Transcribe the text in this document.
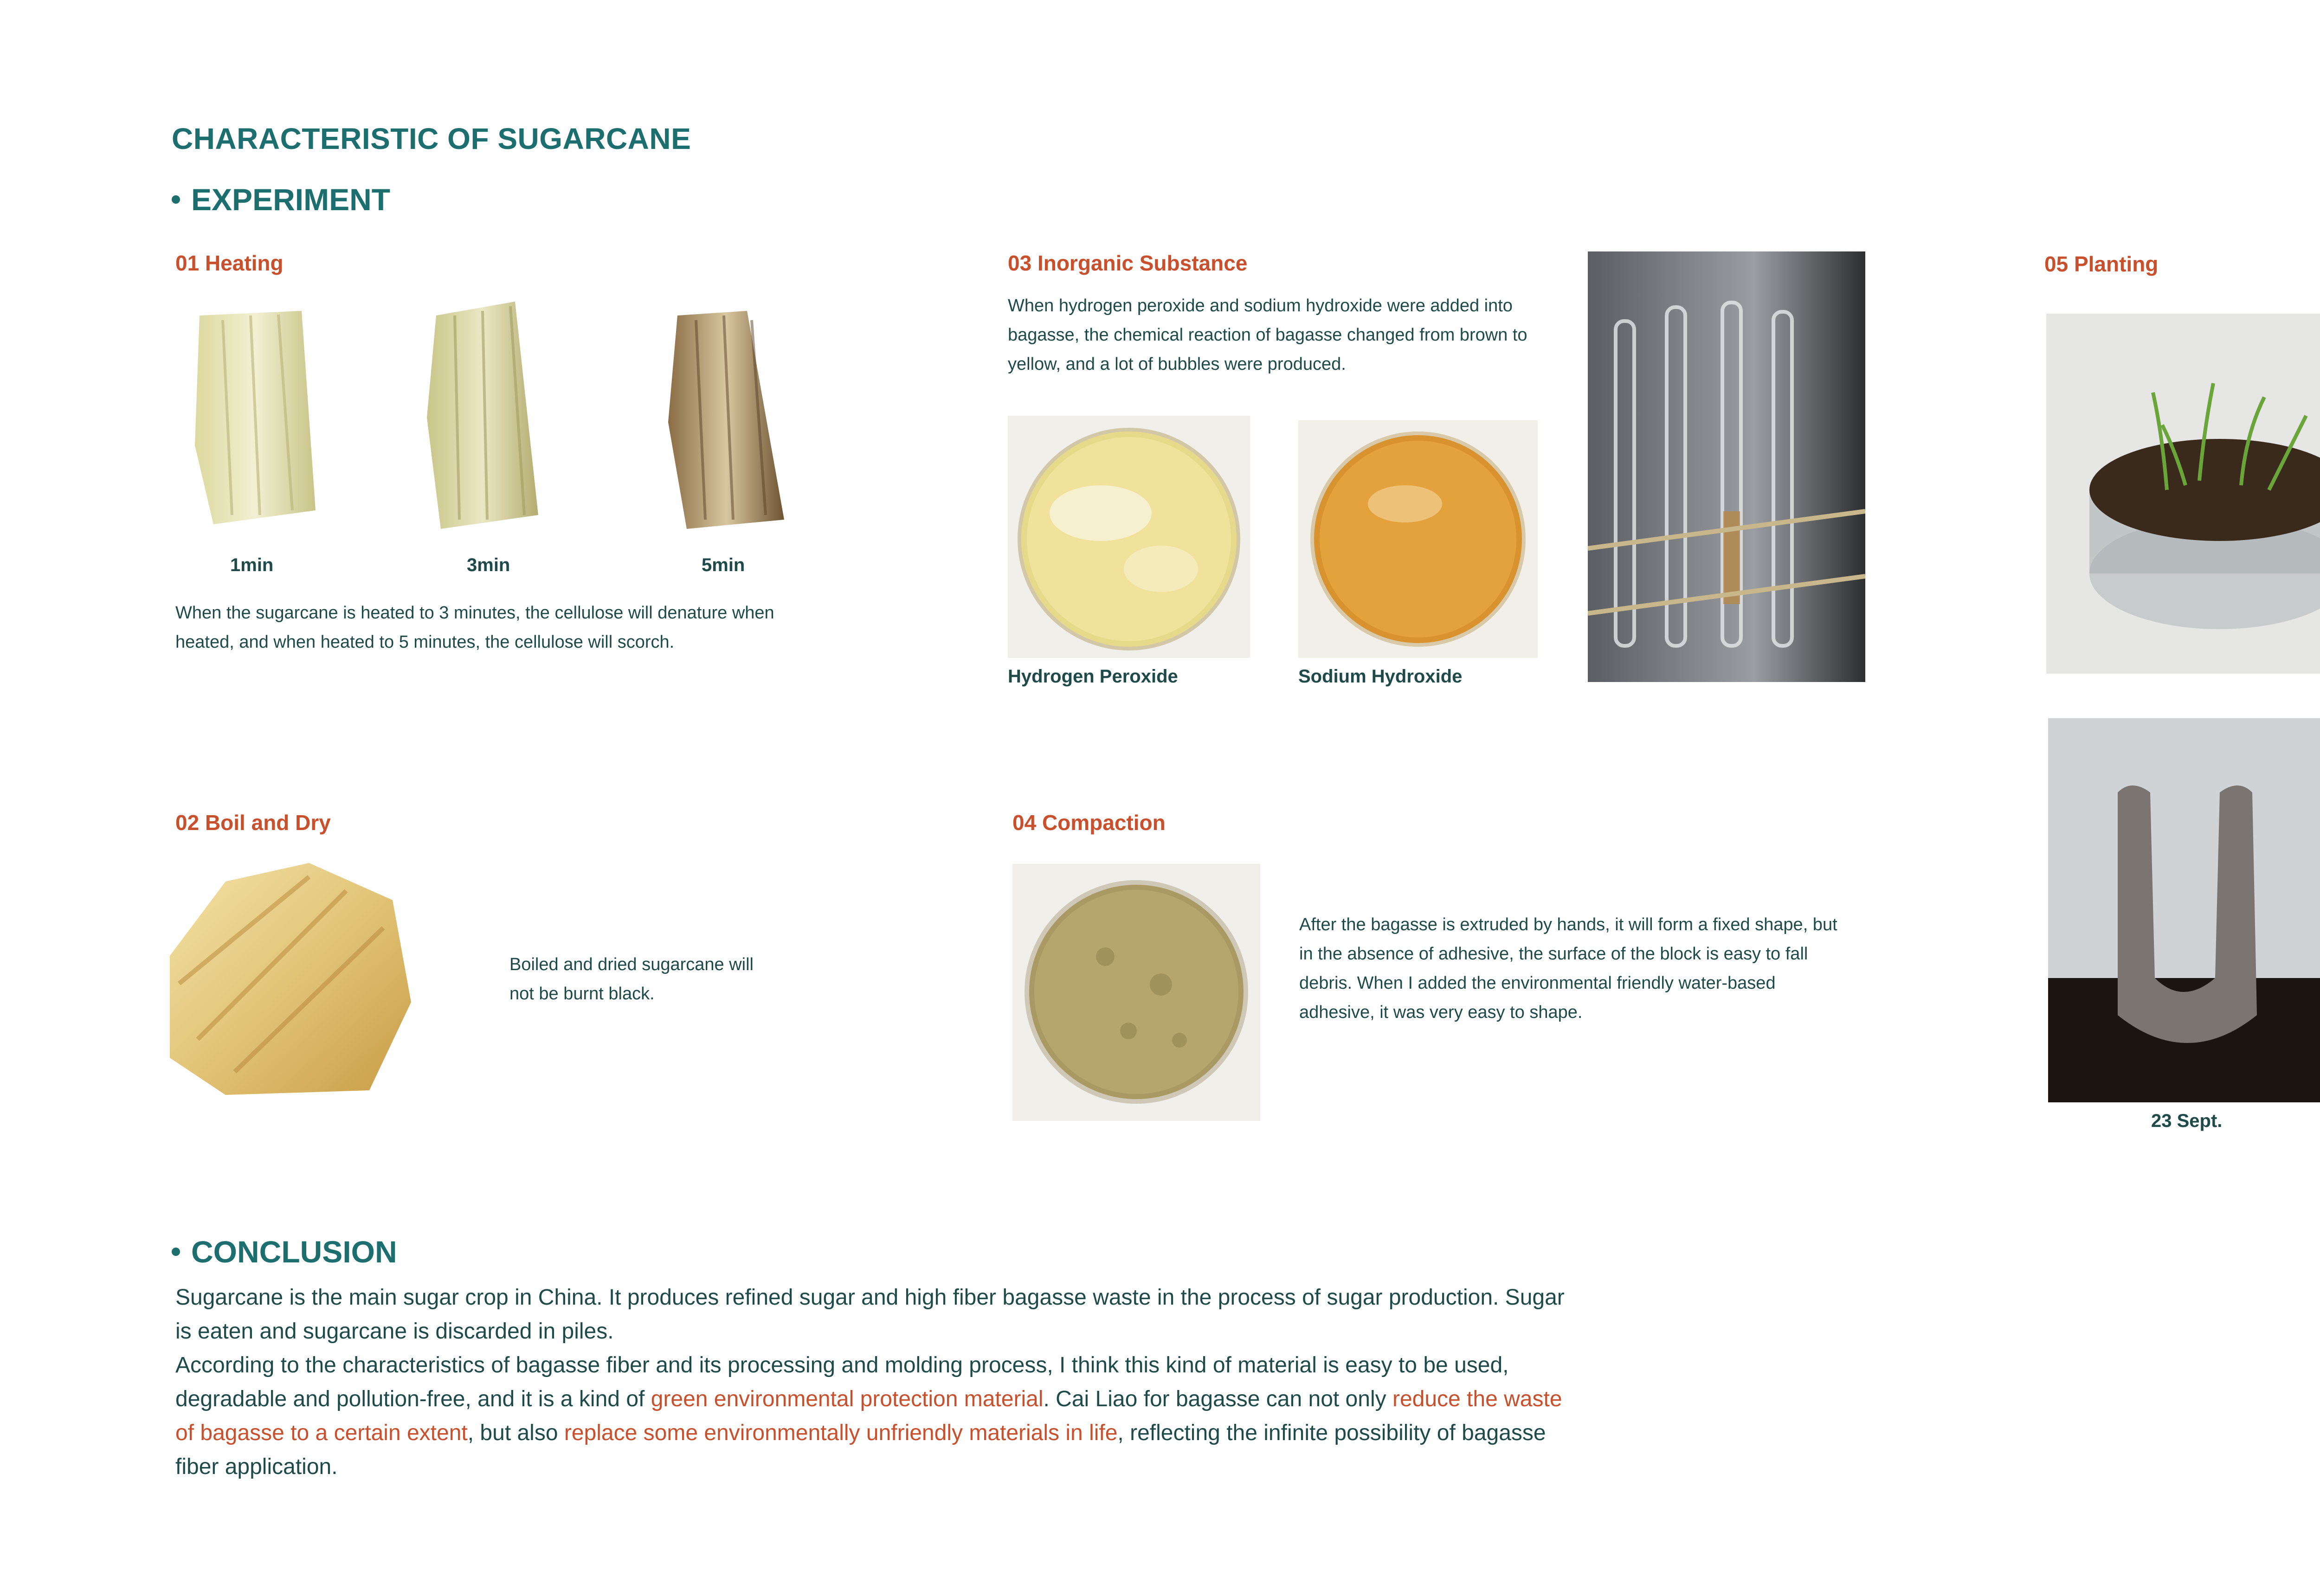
CHARACTERISTIC OF SUGARCANE
EXPERIMENT
01 Heating
1min	3min	5min
When the sugarcane is heated to 3 minutes, the cellulose will denature when heated, and when heated to 5 minutes, the cellulose will scorch.
02 Boil and Dry
Boiled and dried sugarcane will not be burnt black.
03 Inorganic Substance
When hydrogen peroxide and sodium hydroxide were added into bagasse, the chemical reaction of bagasse changed from brown to yellow, and a lot of bubbles were produced.
Hydrogen Peroxide	Sodium Hydroxide
04 Compaction
After the bagasse is extruded by hands, it will form a fixed shape, but in the absence of adhesive, the surface of the block is easy to fall debris. When I added the environmental friendly water-based adhesive, it was very easy to shape.
05 Planting
23 Sept.
CONCLUSION
Sugarcane is the main sugar crop in China. It produces refined sugar and high fiber bagasse waste in the process of sugar production. Sugar is eaten and sugarcane is discarded in piles.
According to the characteristics of bagasse fiber and its processing and molding process, I think this kind of material is easy to be used, degradable and pollution-free, and it is a kind of green environmental protection material. Cai Liao for bagasse can not only reduce the waste of bagasse to a certain extent, but also replace some environmentally unfriendly materials in life, reflecting the infinite possibility of bagasse fiber application.
